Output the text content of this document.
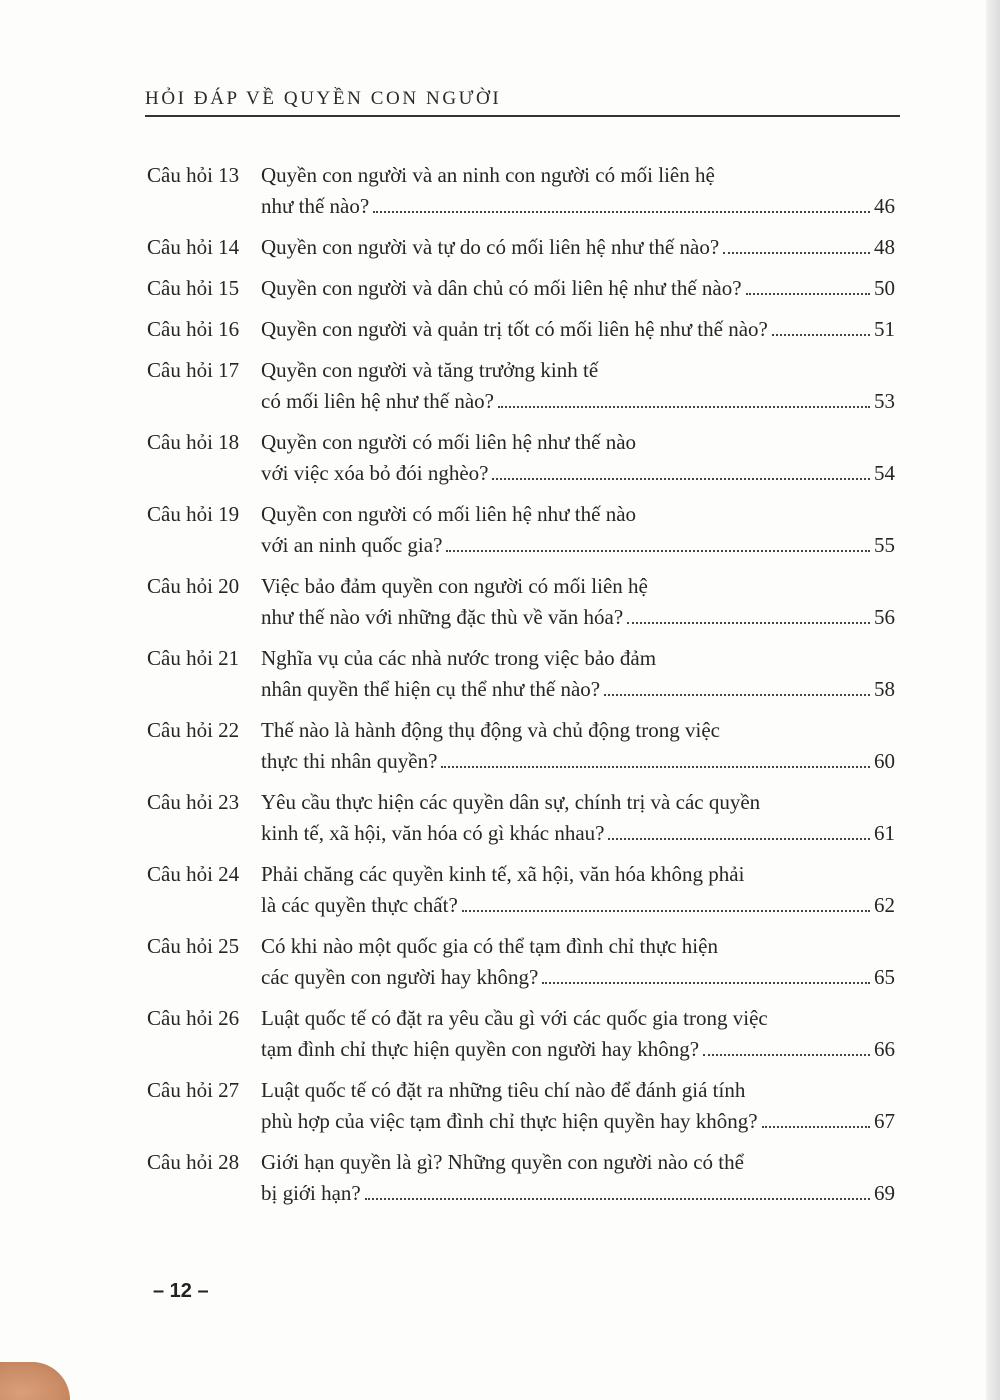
HỎI ĐÁP VỀ QUYỀN CON NGƯỜI
Câu hỏi 13	Quyền con người và an ninh con người có mối liên hệ
như thế nào?	46
Câu hỏi 14	Quyền con người và tự do có mối liên hệ như thế nào?	48
Câu hỏi 15	Quyền con người và dân chủ có mối liên hệ như thế nào?	50
Câu hỏi 16	Quyền con người và quản trị tốt có mối liên hệ như thế nào?	51
Câu hỏi 17	Quyền con người và tăng trưởng kinh tế
có mối liên hệ như thế nào?	53
Câu hỏi 18	Quyền con người có mối liên hệ như thế nào
với việc xóa bỏ đói nghèo?	54
Câu hỏi 19	Quyền con người có mối liên hệ như thế nào
với an ninh quốc gia?	55
Câu hỏi 20	Việc bảo đảm quyền con người có mối liên hệ
như thế nào với những đặc thù về văn hóa?	56
Câu hỏi 21	Nghĩa vụ của các nhà nước trong việc bảo đảm
nhân quyền thể hiện cụ thể như thế nào?	58
Câu hỏi 22	Thế nào là hành động thụ động và chủ động trong việc
thực thi nhân quyền?	60
Câu hỏi 23	Yêu cầu thực hiện các quyền dân sự, chính trị và các quyền
kinh tế, xã hội, văn hóa có gì khác nhau?	61
Câu hỏi 24	Phải chăng các quyền kinh tế, xã hội, văn hóa không phải
là các quyền thực chất?	62
Câu hỏi 25	Có khi nào một quốc gia có thể tạm đình chỉ thực hiện
các quyền con người hay không?	65
Câu hỏi 26	Luật quốc tế có đặt ra yêu cầu gì với các quốc gia trong việc
tạm đình chỉ thực hiện quyền con người hay không?	66
Câu hỏi 27	Luật quốc tế có đặt ra những tiêu chí nào để đánh giá tính
phù hợp của việc tạm đình chỉ thực hiện quyền hay không?	67
Câu hỏi 28	Giới hạn quyền là gì? Những quyền con người nào có thể
bị giới hạn?	69
– 12 –
